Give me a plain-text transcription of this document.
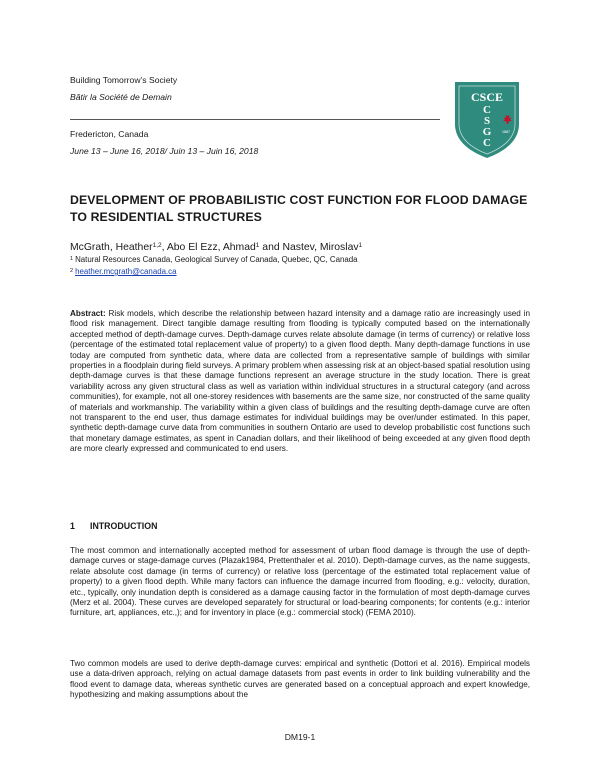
Building Tomorrow’s Society
Bâtir la Société de Demain
Fredericton, Canada
June 13 – June 16, 2018/ Juin 13 – Juin 16, 2018
CSCE
C
S
G
C
1887
DEVELOPMENT OF PROBABILISTIC COST FUNCTION FOR FLOOD DAMAGE TO RESIDENTIAL STRUCTURES
McGrath, Heather$^{1,2}$, Abo El Ezz, Ahmad$^1$ and Nastev, Miroslav$^1$
$^1$ Natural Resources Canada, Geological Survey of Canada, Quebec, QC, Canada
$^2$ heather.mcgrath@canada.ca

Abstract: Risk models, which describe the relationship between hazard intensity and a damage ratio are increasingly used in flood risk management. Direct tangible damage resulting from flooding is typically computed based on the internationally accepted method of depth-damage curves. Depth-damage curves relate absolute damage (in terms of currency) or relative loss (percentage of the estimated total replacement value of property) to a given flood depth. Many depth-damage functions in use today are computed from synthetic data, where data are collected from a representative sample of buildings with similar properties in a floodplain during field surveys. A primary problem when assessing risk at an object-based spatial resolution using depth-damage curves is that these damage functions represent an average structure in the study location. There is great variability across any given structural class as well as variation within individual structures in a structural category (and across communities), for example, not all one-storey residences with basements are the same size, nor constructed of the same quality of materials and workmanship. The variability within a given class of buildings and the resulting depth-damage curve are often not transparent to the end user, thus damage estimates for individual buildings may be over/under estimated. In this paper, synthetic depth-damage curve data from communities in southern Ontario are used to develop probabilistic cost functions such that monetary damage estimates, as spent in Canadian dollars, and their likelihood of being exceeded at any given flood depth are more clearly expressed and communicated to end users.

1 INTRODUCTION

The most common and internationally accepted method for assessment of urban flood damage is through the use of depth-damage curves or stage-damage curves (Plazak1984, Prettenthaler et al. 2010). Depth-damage curves, as the name suggests, relate absolute cost damage (in terms of currency) or relative loss (percentage of the estimated total replacement value of property) to a given flood depth. While many factors can influence the damage incurred from flooding, e.g.: velocity, duration, etc., typically, only inundation depth is considered as a damage causing factor in the formulation of most depth-damage curves (Merz et al. 2004). These curves are developed separately for structural or load-bearing components; for contents (e.g.: interior furniture, art, appliances, etc.,); and for inventory in place (e.g.: commercial stock) (FEMA 2010).

Two common models are used to derive depth-damage curves: empirical and synthetic (Dottori et al. 2016). Empirical models use a data-driven approach, relying on actual damage datasets from past events in order to link building vulnerability and the flood event to damage data, whereas synthetic curves are generated based on a conceptual approach and expert knowledge, hypothesizing and making assumptions about the

DM19-1
